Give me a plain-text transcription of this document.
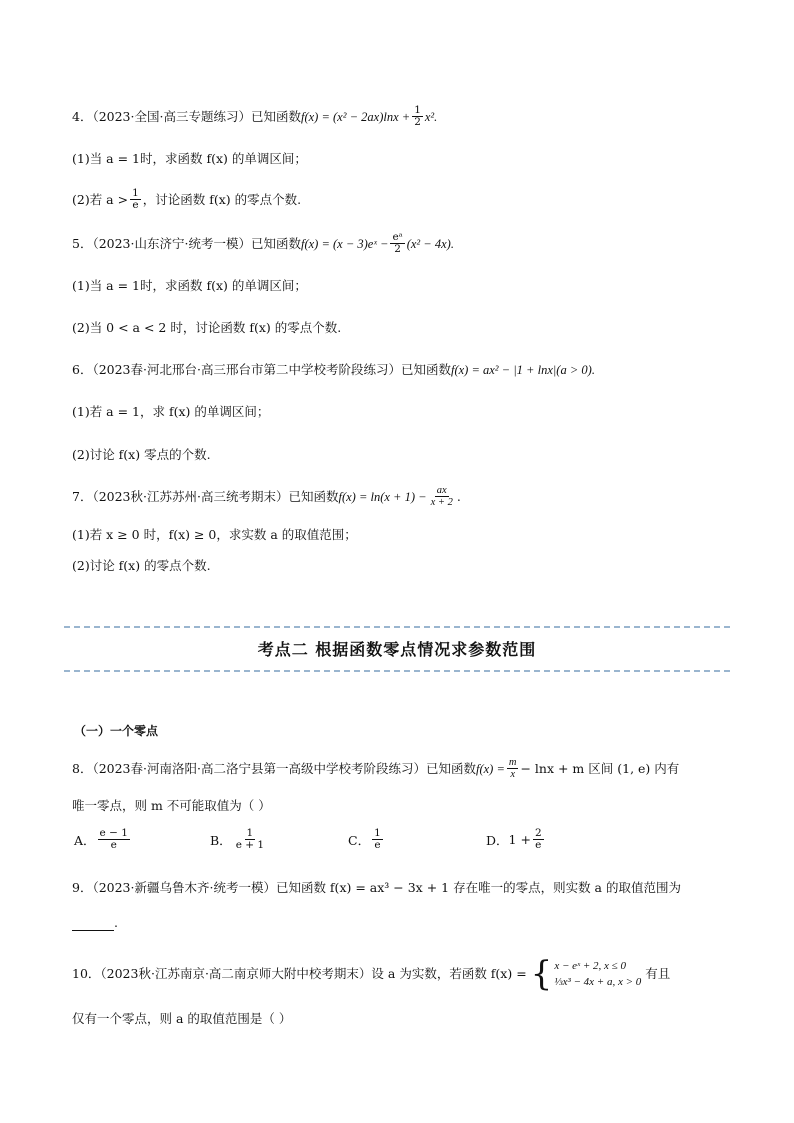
4．（2023·全国·高三专题练习）已知函数 $f(x) = (x^2 - 2ax)\ln x + \frac{1}{2} x^2$.
(1)当 a = 1时，求函数 f(x) 的单调区间；
(2)若 $a > \frac{1}{e}$ ，讨论函数 f(x) 的零点个数.
5．（2023·山东济宁·统考一模）已知函数 f(x) = (x − 3)eˣ − $\frac{\text{eᵃ}}{2} (x^2 - 4x)$.
(1)当 a = 1时，求函数 f(x) 的单调区间；
(2)当 0 < a < 2 时，讨论函数 f(x) 的零点个数.
6．（2023春·河北邢台·高三邢台市第二中学校考阶段练习）已知函数 f(x) = ax² − |1 + lnx|(a > 0).
(1)若 a = 1，求 f(x) 的单调区间；
(2)讨论 f(x) 零点的个数.
7．（2023秋·江苏苏州·高三统考期末）已知函数 $f(x) = \ln(x + 1) - \frac{ax}{x + 2}$ .
(1)若 x ≥ 0 时，f(x) ≥ 0，求实数 a 的取值范围；
(2)讨论 f(x) 的零点个数.
考点二 根据函数零点情况求参数范围
（一）一个零点
8．（2023春·河南洛阳·高二洛宁县第一高级中学校考阶段练习）已知函数 $f(x) = \frac{m}{x} - \ln x + m$ 区间 (1, e) 内有
唯一零点，则 m 不可能取值为（ ）
A． $\frac{e - 1}{e}$	B． $\frac{1}{e + 1}$	C． $\frac{1}{e}$	D． $1 + \frac{2}{e}$
9．（2023·新疆乌鲁木齐·统考一模）已知函数 f(x) = ax³ − 3x + 1 存在唯一的零点，则实数 a 的取值范围为
.
10．（2023秋·江苏南京·高二南京师大附中校考期末）设 a 为实数，若函数 f(x) = { x − eˣ + 2, x ≤ 0
⅓x³ − 4x + a, x > 0
有且
仅有一个零点，则 a 的取值范围是（ ）
